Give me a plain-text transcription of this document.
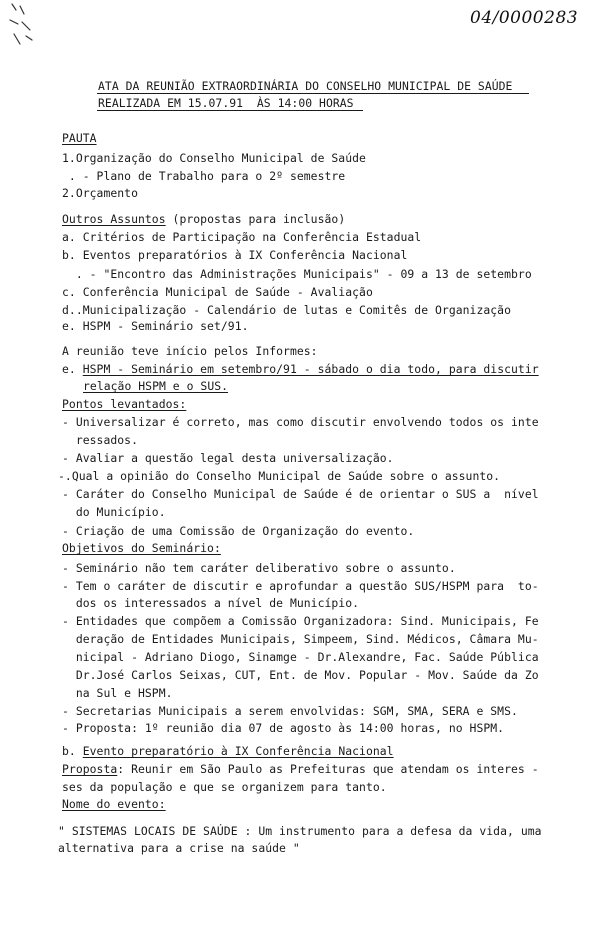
04/0000283
ATA DA REUNIÃO EXTRAORDINÁRIA DO CONSELHO MUNICIPAL DE SAÚDE
REALIZADA EM 15.07.91  ÀS 14:00 HORAS
PAUTA
1.Organização do Conselho Municipal de Saúde
. - Plano de Trabalho para o 2º semestre
2.Orçamento
Outros Assuntos (propostas para inclusão)
a. Critérios de Participação na Conferência Estadual
b. Eventos preparatórios à IX Conferência Nacional
. - "Encontro das Administrações Municipais" - 09 a 13 de setembro
c. Conferência Municipal de Saúde - Avaliação
d..Municipalização - Calendário de lutas e Comitês de Organização
e. HSPM - Seminário set/91.
A reunião teve início pelos Informes:
e. HSPM - Seminário em setembro/91 - sábado o dia todo, para discutir
relação HSPM e o SUS.
Pontos levantados:
- Universalizar é correto, mas como discutir envolvendo todos os inte
ressados.
- Avaliar a questão legal desta universalização.
-.Qual a opinião do Conselho Municipal de Saúde sobre o assunto.
- Caráter do Conselho Municipal de Saúde é de orientar o SUS a  nível
do Município.
- Criação de uma Comissão de Organização do evento.
Objetivos do Seminário:
- Seminário não tem caráter deliberativo sobre o assunto.
- Tem o caráter de discutir e aprofundar a questão SUS/HSPM para  to-
dos os interessados a nível de Município.
- Entidades que compõem a Comissão Organizadora: Sind. Municipais, Fe
deração de Entidades Municipais, Simpeem, Sind. Médicos, Câmara Mu-
nicipal - Adriano Diogo, Sinamge - Dr.Alexandre, Fac. Saúde Pública
Dr.José Carlos Seixas, CUT, Ent. de Mov. Popular - Mov. Saúde da Zo
na Sul e HSPM.
- Secretarias Municipais a serem envolvidas: SGM, SMA, SERA e SMS.
- Proposta: 1º reunião dia 07 de agosto às 14:00 horas, no HSPM.
b. Evento preparatório à IX Conferência Nacional
Proposta: Reunir em São Paulo as Prefeituras que atendam os interes -
ses da população e que se organizem para tanto.
Nome do evento:
" SISTEMAS LOCAIS DE SAÚDE : Um instrumento para a defesa da vida, uma
alternativa para a crise na saúde "
